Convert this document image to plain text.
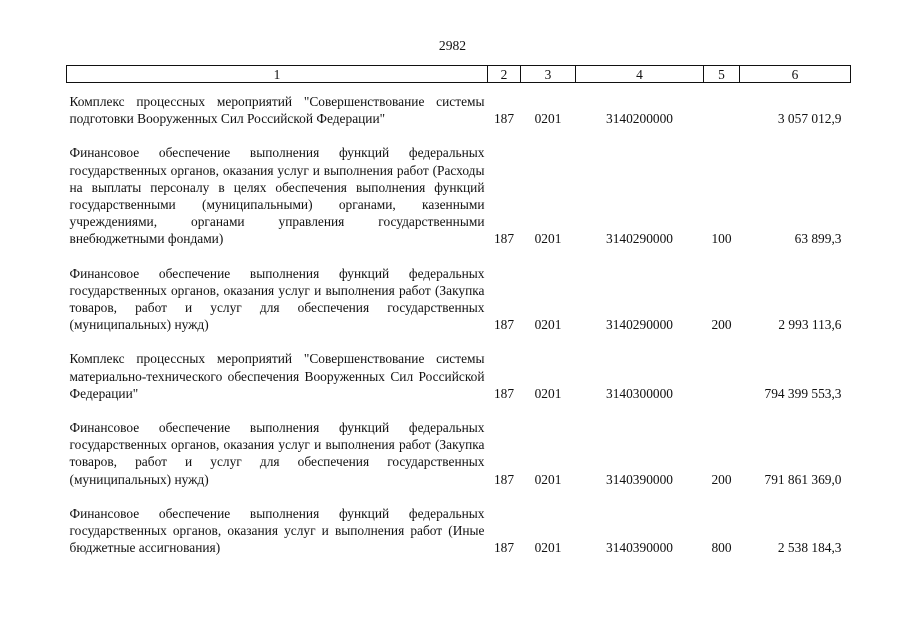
2982
1	2	3	4	5	6
Комплекс процессных мероприятий "Совершенствование системы подготовки Вооруженных Сил Российской Федерации"	187	0201	3140200000		3 057 012,9

Финансовое обеспечение выполнения функций федеральных государственных органов, оказания услуг и выполнения работ (Расходы на выплаты персоналу в целях обеспечения выполнения функций государственными (муниципальными) органами, казенными учреждениями, органами управления государственными внебюджетными фондами)	187	0201	3140290000	100	63 899,3

Финансовое обеспечение выполнения функций федеральных государственных органов, оказания услуг и выполнения работ (Закупка товаров, работ и услуг для обеспечения государственных (муниципальных) нужд)	187	0201	3140290000	200	2 993 113,6

Комплекс процессных мероприятий "Совершенствование системы материально-технического обеспечения Вооруженных Сил Российской Федерации"	187	0201	3140300000		794 399 553,3

Финансовое обеспечение выполнения функций федеральных государственных органов, оказания услуг и выполнения работ (Закупка товаров, работ и услуг для обеспечения государственных (муниципальных) нужд)	187	0201	3140390000	200	791 861 369,0

Финансовое обеспечение выполнения функций федеральных государственных органов, оказания услуг и выполнения работ (Иные бюджетные ассигнования)	187	0201	3140390000	800	2 538 184,3
